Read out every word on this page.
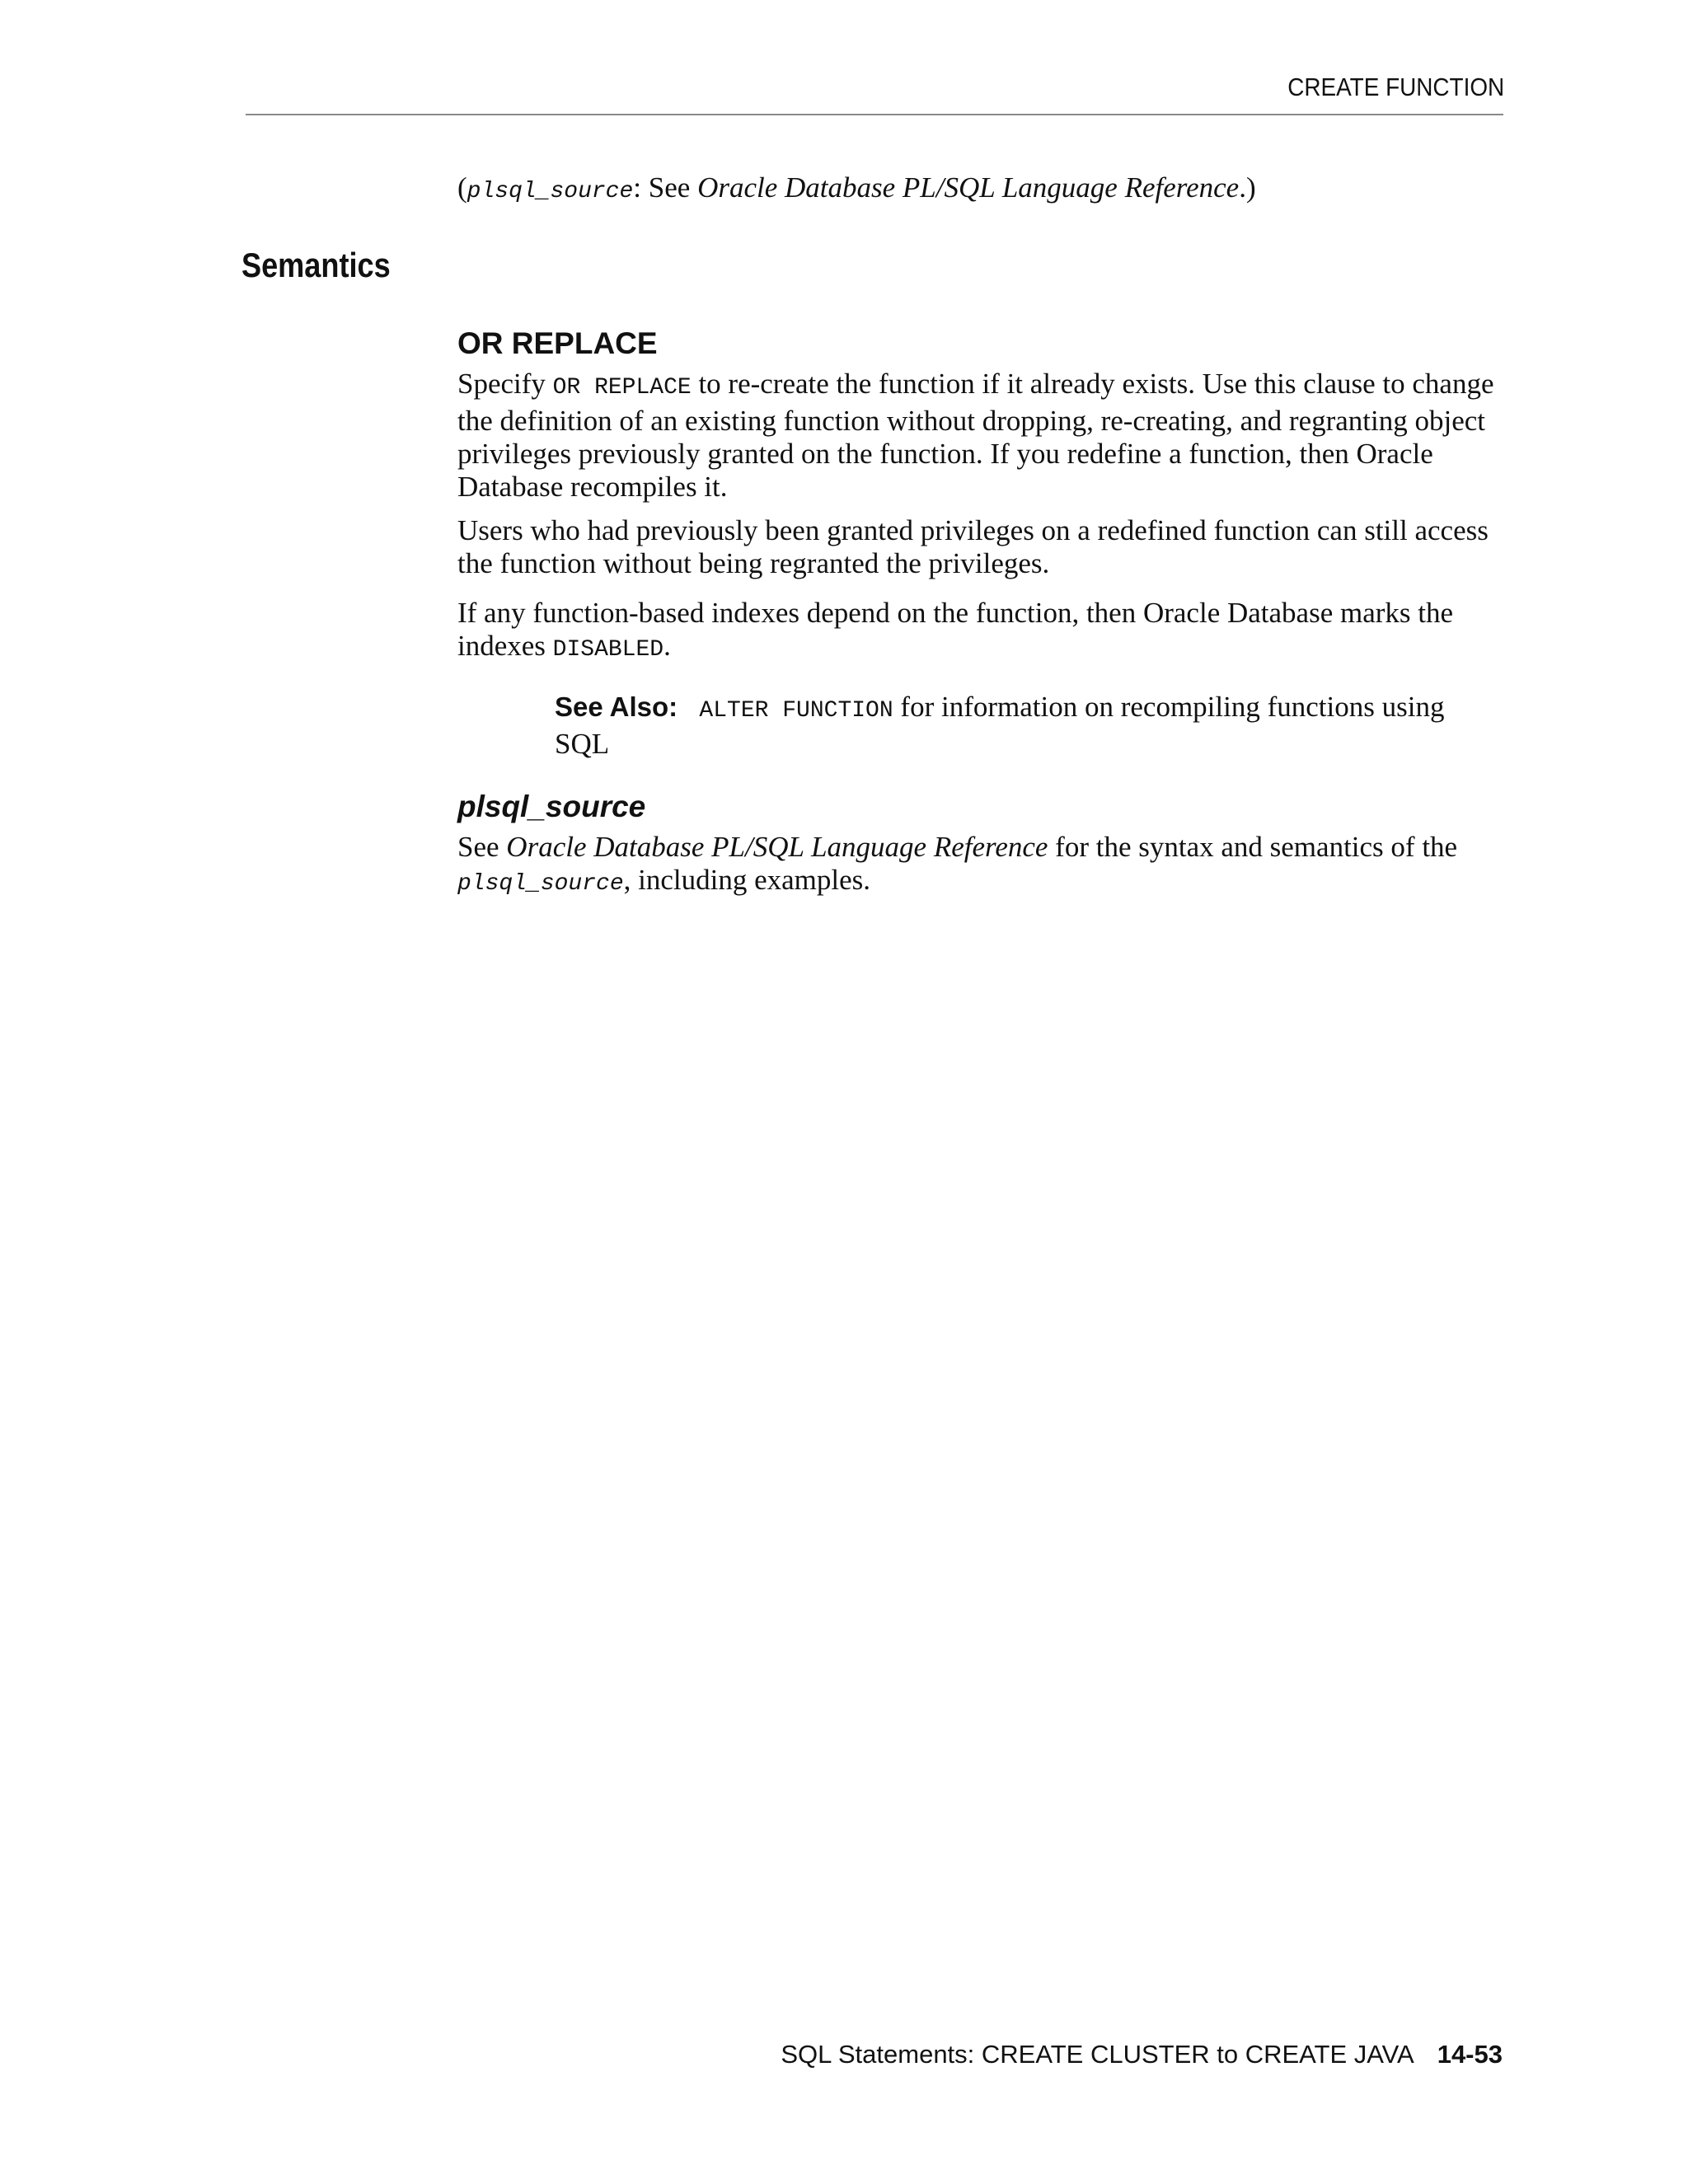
CREATE FUNCTION
(plsql_source: See Oracle Database PL/SQL Language Reference.)
Semantics
OR REPLACE

Specify OR REPLACE to re-create the function if it already exists. Use this clause to change the definition of an existing function without dropping, re-creating, and regranting object privileges previously granted on the function. If you redefine a function, then Oracle Database recompiles it.

Users who had previously been granted privileges on a redefined function can still access the function without being regranted the privileges.

If any function-based indexes depend on the function, then Oracle Database marks the indexes DISABLED.

See Also: ALTER FUNCTION for information on recompiling functions using SQL
plsql_source

See Oracle Database PL/SQL Language Reference for the syntax and semantics of the plsql_source, including examples.

SQL Statements: CREATE CLUSTER to CREATE JAVA 14-53
